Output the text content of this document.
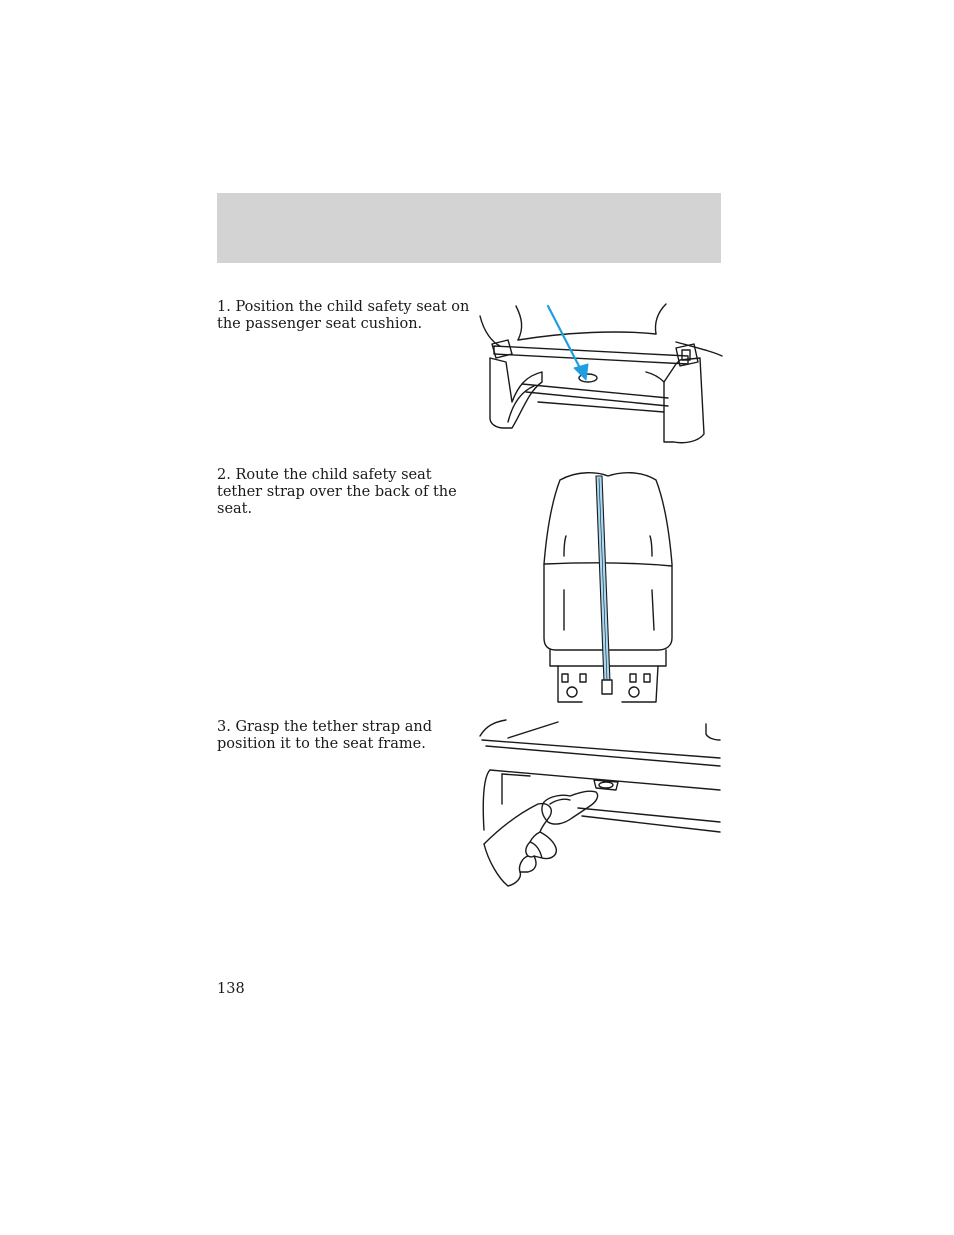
1. Position the child safety seat on the passenger seat cushion.

2. Route the child safety seat tether strap over the back of the seat.

3. Grasp the tether strap and position it to the seat frame.

138
